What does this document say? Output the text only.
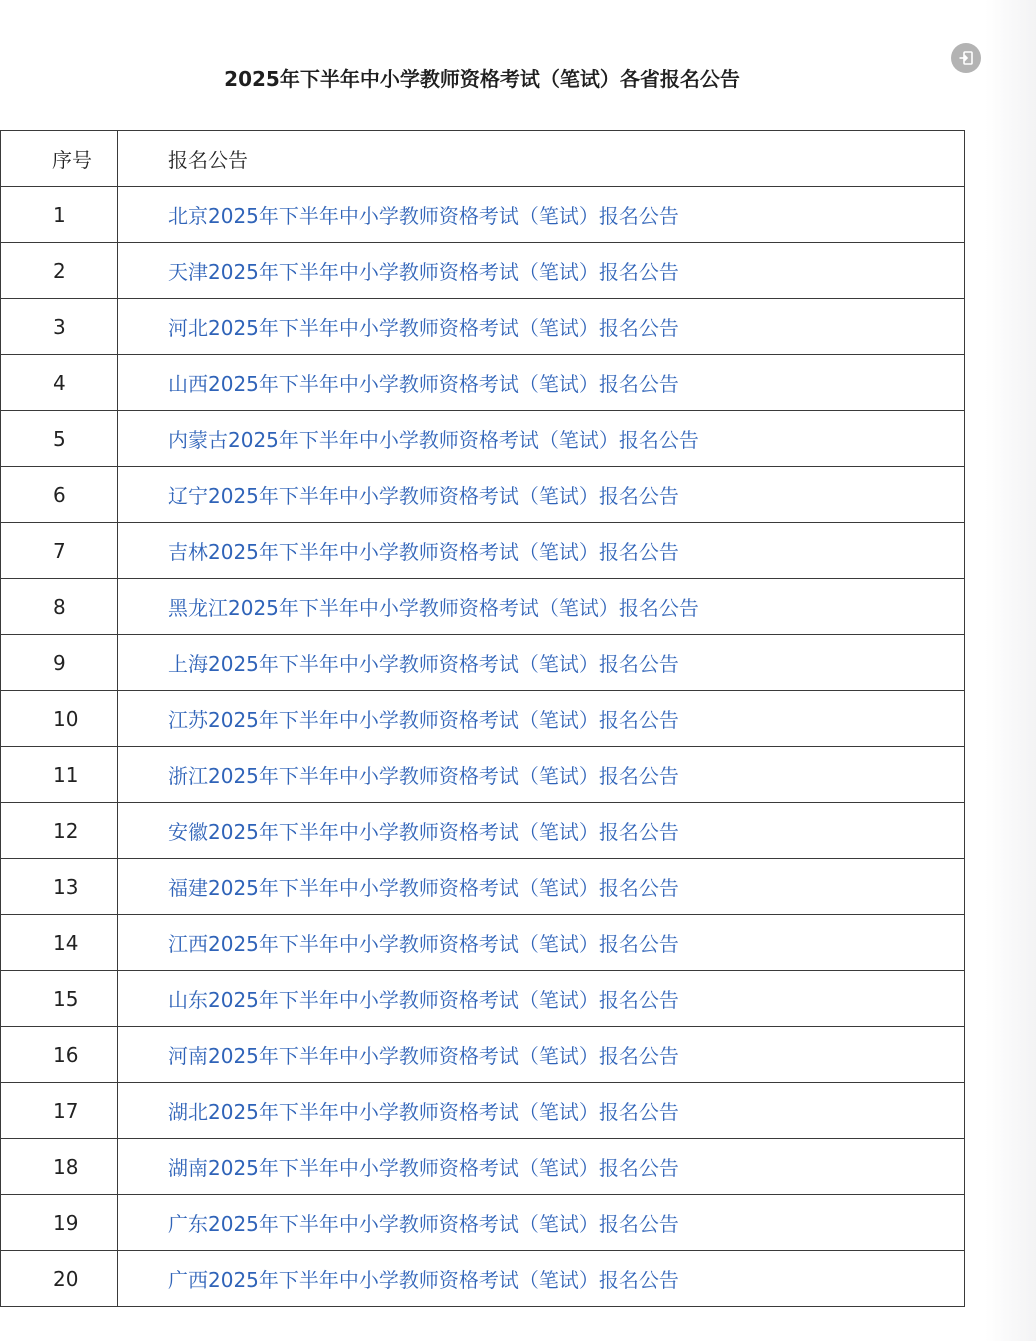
2025年下半年中小学教师资格考试（笔试）各省报名公告
序号	报名公告
1	北京2025年下半年中小学教师资格考试（笔试）报名公告
2	天津2025年下半年中小学教师资格考试（笔试）报名公告
3	河北2025年下半年中小学教师资格考试（笔试）报名公告
4	山西2025年下半年中小学教师资格考试（笔试）报名公告
5	内蒙古2025年下半年中小学教师资格考试（笔试）报名公告
6	辽宁2025年下半年中小学教师资格考试（笔试）报名公告
7	吉林2025年下半年中小学教师资格考试（笔试）报名公告
8	黑龙江2025年下半年中小学教师资格考试（笔试）报名公告
9	上海2025年下半年中小学教师资格考试（笔试）报名公告
10	江苏2025年下半年中小学教师资格考试（笔试）报名公告
11	浙江2025年下半年中小学教师资格考试（笔试）报名公告
12	安徽2025年下半年中小学教师资格考试（笔试）报名公告
13	福建2025年下半年中小学教师资格考试（笔试）报名公告
14	江西2025年下半年中小学教师资格考试（笔试）报名公告
15	山东2025年下半年中小学教师资格考试（笔试）报名公告
16	河南2025年下半年中小学教师资格考试（笔试）报名公告
17	湖北2025年下半年中小学教师资格考试（笔试）报名公告
18	湖南2025年下半年中小学教师资格考试（笔试）报名公告
19	广东2025年下半年中小学教师资格考试（笔试）报名公告
20	广西2025年下半年中小学教师资格考试（笔试）报名公告
